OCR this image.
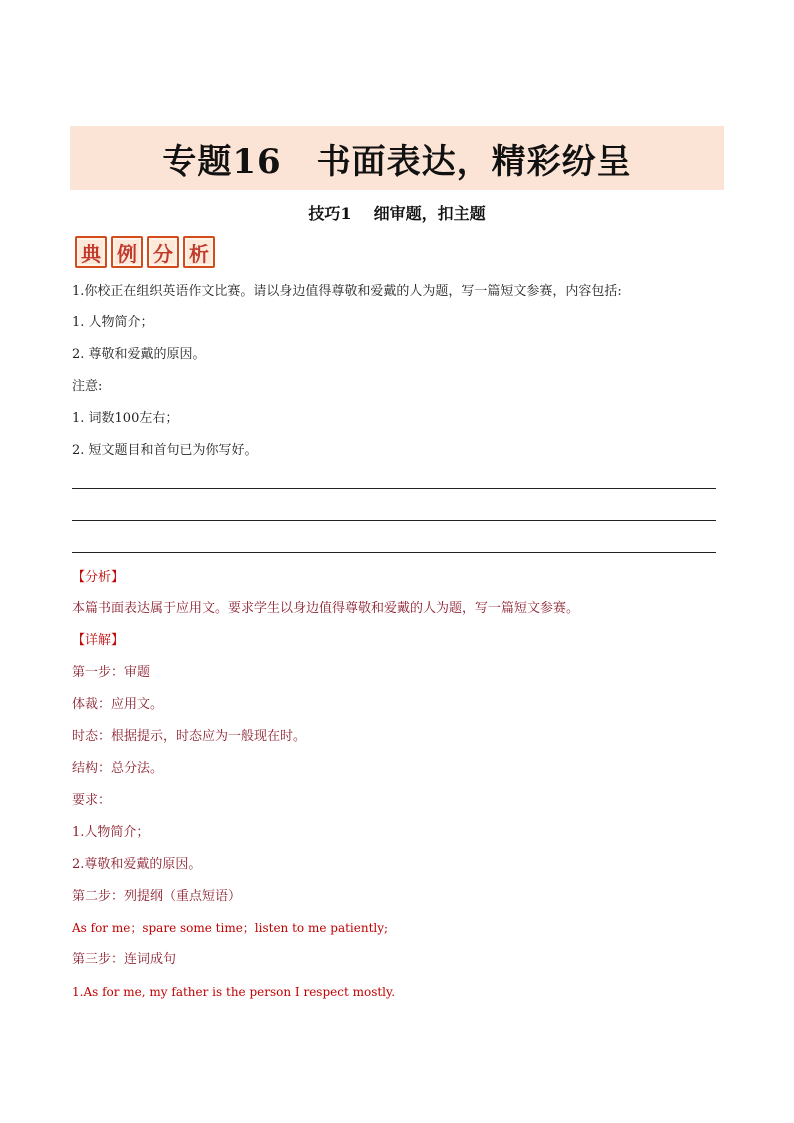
专题16　书面表达，精彩纷呈
技巧1 细审题，扣主题
典 例 分 析
1.你校正在组织英语作文比赛。请以身边值得尊敬和爱戴的人为题，写一篇短文参赛，内容包括:
1. 人物简介；
2. 尊敬和爱戴的原因。
注意:
1. 词数100左右；
2. 短文题目和首句已为你写好。
【分析】
本篇书面表达属于应用文。要求学生以身边值得尊敬和爱戴的人为题，写一篇短文参赛。
【详解】
第一步：审题
体裁：应用文。
时态：根据提示，时态应为一般现在时。
结构：总分法。
要求：
1.人物简介；
2.尊敬和爱戴的原因。
第二步：列提纲（重点短语）
As for me；spare some time；listen to me patiently;
第三步：连词成句
1.As for me, my father is the person I respect mostly.
